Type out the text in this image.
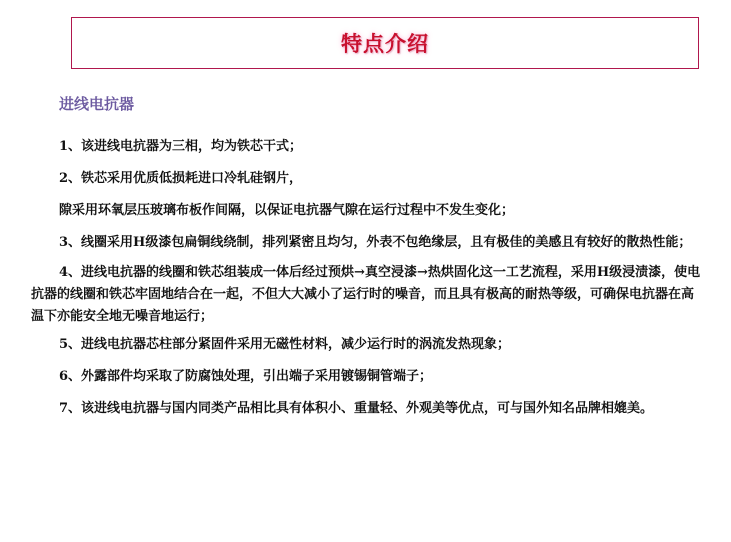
特点介绍
进线电抗器

1、该进线电抗器为三相，均为铁芯干式；

2、铁芯采用优质低损耗进口冷轧硅钢片，

隙采用环氧层压玻璃布板作间隔，以保证电抗器气隙在运行过程中不发生变化；

3、线圈采用H级漆包扁铜线绕制，排列紧密且均匀，外表不包绝缘层，且有极佳的美感且有较好的散热性能；

4、进线电抗器的线圈和铁芯组装成一体后经过预烘→真空浸漆→热烘固化这一工艺流程，采用H级浸渍漆，使电抗器的线圈和铁芯牢固地结合在一起，不但大大减小了运行时的噪音，而且具有极高的耐热等级，可确保电抗器在高温下亦能安全地无噪音地运行；

5、进线电抗器芯柱部分紧固件采用无磁性材料，减少运行时的涡流发热现象；

6、外露部件均采取了防腐蚀处理，引出端子采用镀锡铜管端子；

7、该进线电抗器与国内同类产品相比具有体积小、重量轻、外观美等优点，可与国外知名品牌相媲美。
